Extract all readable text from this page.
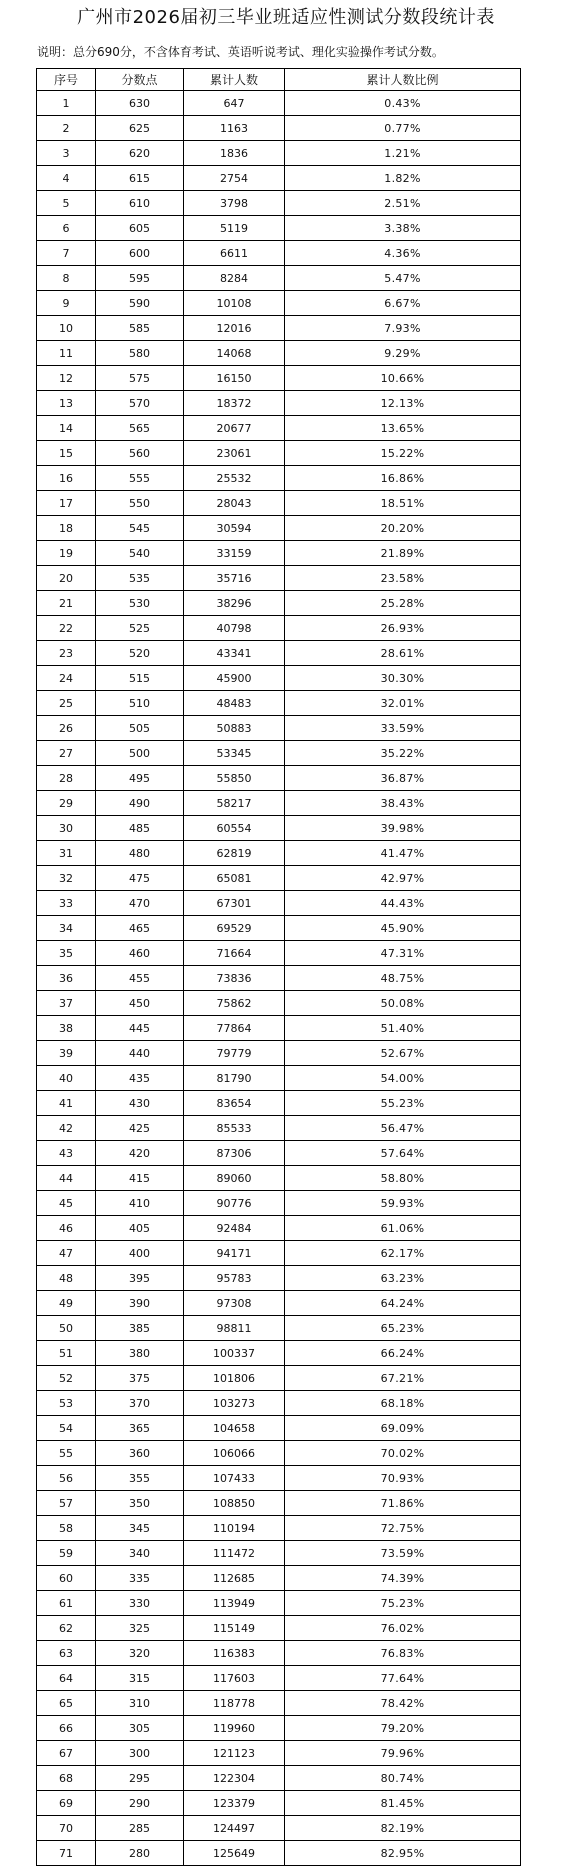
广州市2026届初三毕业班适应性测试分数段统计表
说明：总分690分，不含体育考试、英语听说考试、理化实验操作考试分数。
序号	分数点	累计人数	累计人数比例
1	630	647	0.43%
2	625	1163	0.77%
3	620	1836	1.21%
4	615	2754	1.82%
5	610	3798	2.51%
6	605	5119	3.38%
7	600	6611	4.36%
8	595	8284	5.47%
9	590	10108	6.67%
10	585	12016	7.93%
11	580	14068	9.29%
12	575	16150	10.66%
13	570	18372	12.13%
14	565	20677	13.65%
15	560	23061	15.22%
16	555	25532	16.86%
17	550	28043	18.51%
18	545	30594	20.20%
19	540	33159	21.89%
20	535	35716	23.58%
21	530	38296	25.28%
22	525	40798	26.93%
23	520	43341	28.61%
24	515	45900	30.30%
25	510	48483	32.01%
26	505	50883	33.59%
27	500	53345	35.22%
28	495	55850	36.87%
29	490	58217	38.43%
30	485	60554	39.98%
31	480	62819	41.47%
32	475	65081	42.97%
33	470	67301	44.43%
34	465	69529	45.90%
35	460	71664	47.31%
36	455	73836	48.75%
37	450	75862	50.08%
38	445	77864	51.40%
39	440	79779	52.67%
40	435	81790	54.00%
41	430	83654	55.23%
42	425	85533	56.47%
43	420	87306	57.64%
44	415	89060	58.80%
45	410	90776	59.93%
46	405	92484	61.06%
47	400	94171	62.17%
48	395	95783	63.23%
49	390	97308	64.24%
50	385	98811	65.23%
51	380	100337	66.24%
52	375	101806	67.21%
53	370	103273	68.18%
54	365	104658	69.09%
55	360	106066	70.02%
56	355	107433	70.93%
57	350	108850	71.86%
58	345	110194	72.75%
59	340	111472	73.59%
60	335	112685	74.39%
61	330	113949	75.23%
62	325	115149	76.02%
63	320	116383	76.83%
64	315	117603	77.64%
65	310	118778	78.42%
66	305	119960	79.20%
67	300	121123	79.96%
68	295	122304	80.74%
69	290	123379	81.45%
70	285	124497	82.19%
71	280	125649	82.95%
